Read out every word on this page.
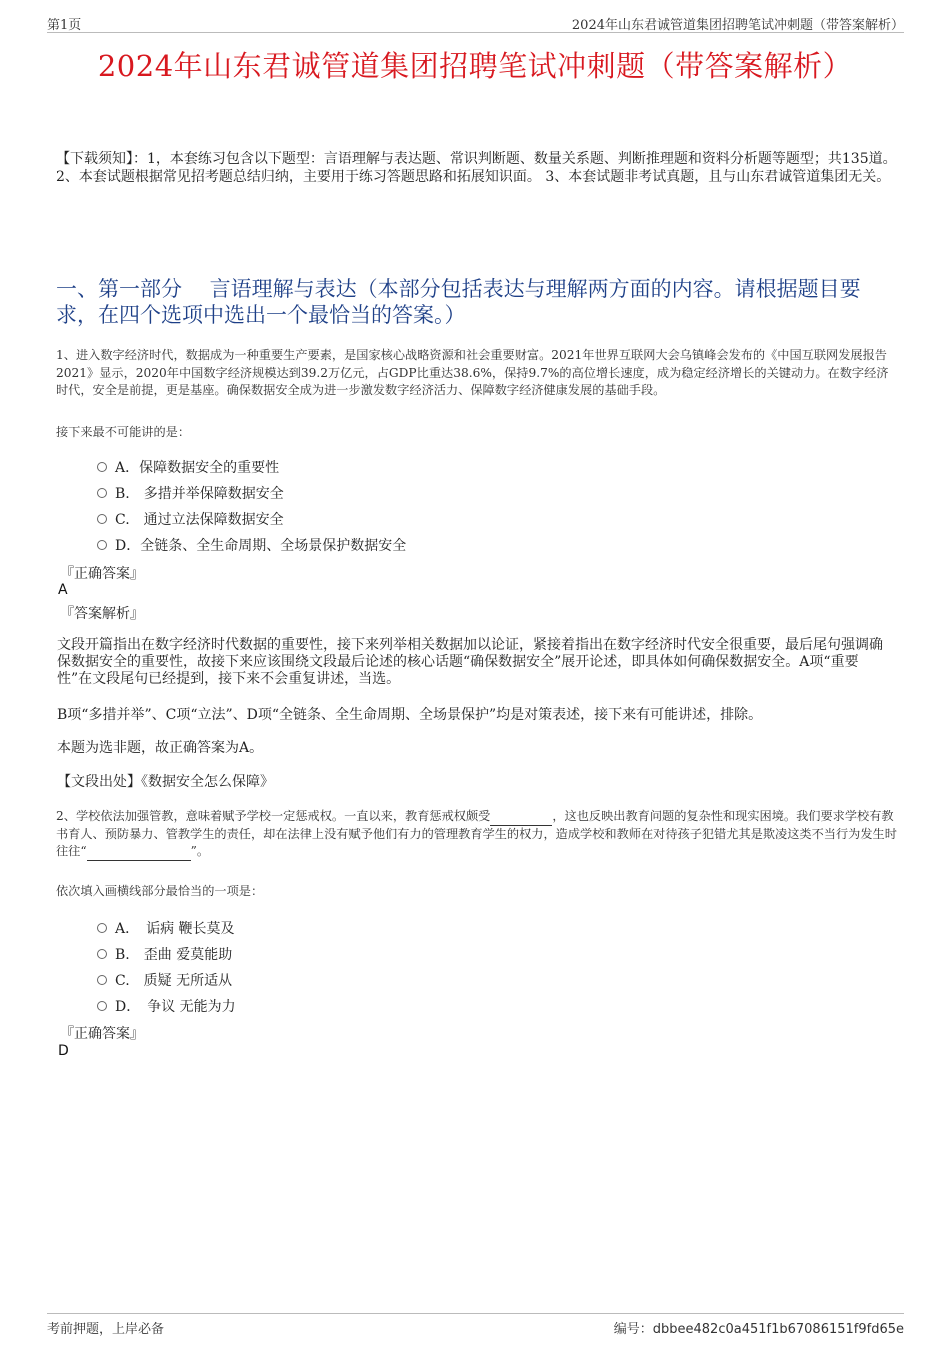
第1页	2024年山东君诚管道集团招聘笔试冲刺题（带答案解析）
2024年山东君诚管道集团招聘笔试冲刺题（带答案解析）
【下载须知】：1，本套练习包含以下题型：言语理解与表达题、常识判断题、数量关系题、判断推理题和资料分析题等题型；共135道。 2、本套试题根据常见招考题总结归纳，主要用于练习答题思路和拓展知识面。 3、本套试题非考试真题，且与山东君诚管道集团无关。
一、第一部分　 言语理解与表达（本部分包括表达与理解两方面的内容。请根据题目要求，在四个选项中选出一个最恰当的答案。）
1、进入数字经济时代，数据成为一种重要生产要素，是国家核心战略资源和社会重要财富。2021年世界互联网大会乌镇峰会发布的《中国互联网发展报告2021》显示，2020年中国数字经济规模达到39.2万亿元，占GDP比重达38.6%，保持9.7%的高位增长速度，成为稳定经济增长的关键动力。在数字经济时代，安全是前提，更是基座。确保数据安全成为进一步激发数字经济活力、保障数字经济健康发展的基础手段。
接下来最不可能讲的是：
A．保障数据安全的重要性
B.　多措并举保障数据安全
C.　通过立法保障数据安全
D．全链条、全生命周期、全场景保护数据安全
『正确答案』
A
『答案解析』
文段开篇指出在数字经济时代数据的重要性，接下来列举相关数据加以论证，紧接着指出在数字经济时代安全很重要，最后尾句强调确保数据安全的重要性，故接下来应该围绕文段最后论述的核心话题“确保数据安全”展开论述，即具体如何确保数据安全。A项“重要性”在文段尾句已经提到，接下来不会重复讲述，当选。
B项“多措并举”、C项“立法”、D项“全链条、全生命周期、全场景保护”均是对策表述，接下来有可能讲述，排除。
本题为选非题，故正确答案为A。
【文段出处】《数据安全怎么保障》
2、学校依法加强管教，意味着赋予学校一定惩戒权。一直以来，教育惩戒权颇受	，这也反映出教育问题的复杂性和现实困境。我们要求学校有教书育人、预防暴力、管教学生的责任，却在法律上没有赋予他们有力的管理教育学生的权力，造成学校和教师在对待孩子犯错尤其是欺凌这类不当行为发生时往往“	”。
依次填入画横线部分最恰当的一项是：
A．　诟病 鞭长莫及
B.　歪曲 爱莫能助
C.　质疑 无所适从
D．　争议 无能为力
『正确答案』
D
考前押题，上岸必备	编号：dbbee482c0a451f1b67086151f9fd65e
